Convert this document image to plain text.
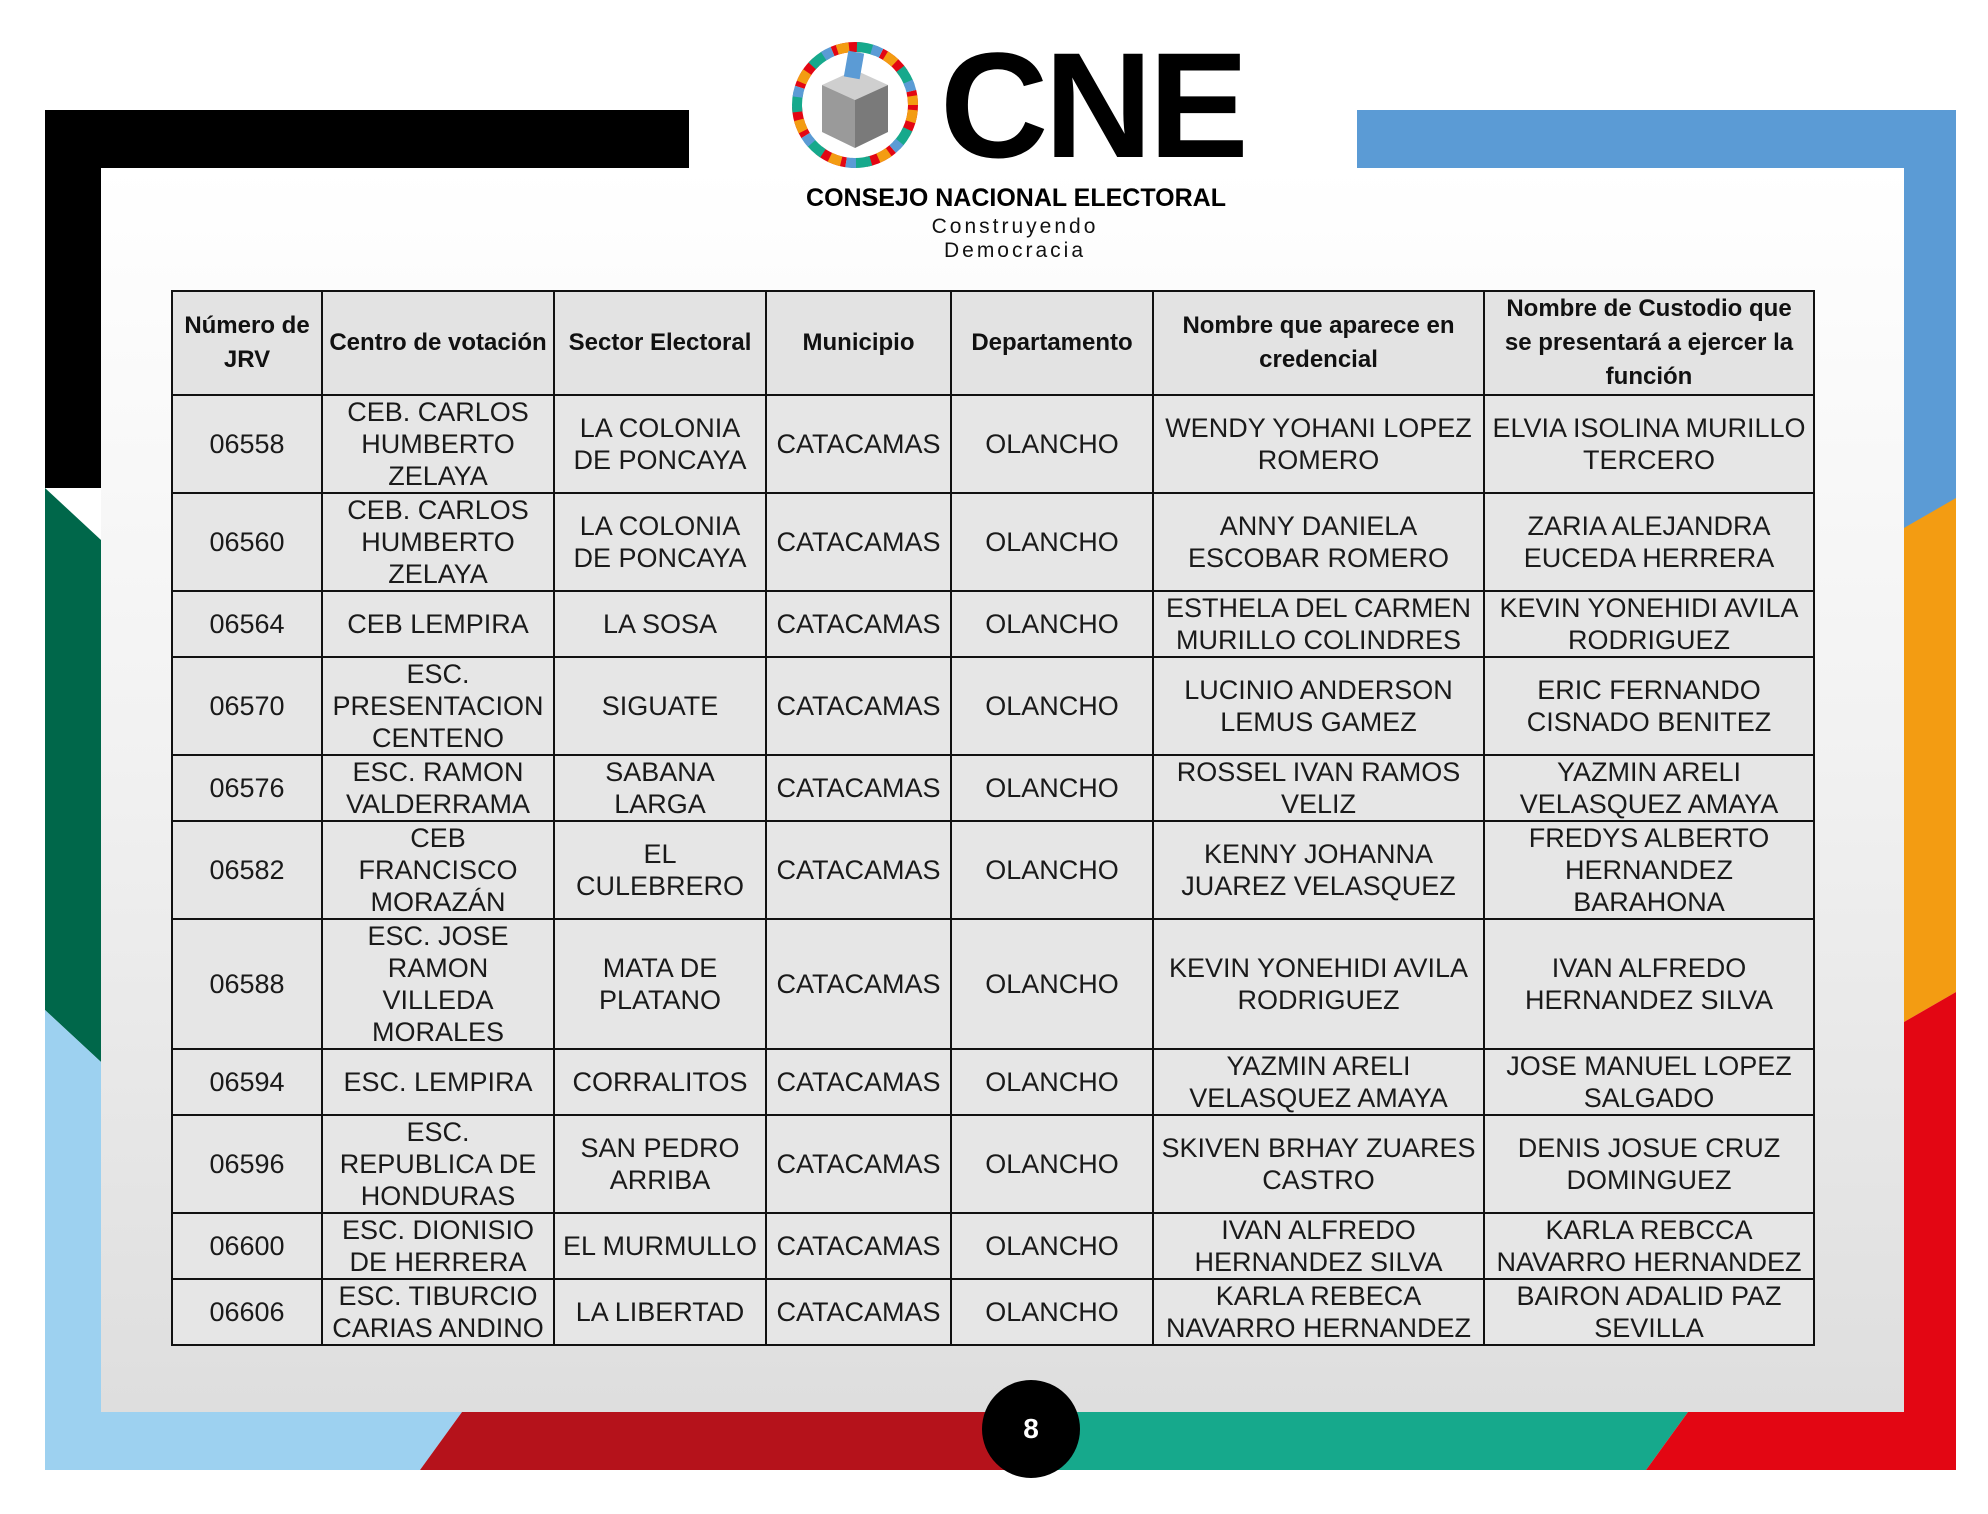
CNE
CONSEJO NACIONAL ELECTORAL
Construyendo Democracia
Número de JRV	Centro de votación	Sector Electoral	Municipio	Departamento	Nombre que aparece en credencial	Nombre de Custodio que se presentará a ejercer la función
06558	CEB. CARLOS HUMBERTO ZELAYA	LA COLONIA DE PONCAYA	CATACAMAS	OLANCHO	WENDY YOHANI LOPEZ ROMERO	ELVIA ISOLINA MURILLO TERCERO
06560	CEB. CARLOS HUMBERTO ZELAYA	LA COLONIA DE PONCAYA	CATACAMAS	OLANCHO	ANNY DANIELA ESCOBAR ROMERO	ZARIA ALEJANDRA EUCEDA HERRERA
06564	CEB LEMPIRA	LA SOSA	CATACAMAS	OLANCHO	ESTHELA DEL CARMEN MURILLO COLINDRES	KEVIN YONEHIDI AVILA RODRIGUEZ
06570	ESC. PRESENTACION CENTENO	SIGUATE	CATACAMAS	OLANCHO	LUCINIO ANDERSON LEMUS GAMEZ	ERIC FERNANDO CISNADO BENITEZ
06576	ESC. RAMON VALDERRAMA	SABANA LARGA	CATACAMAS	OLANCHO	ROSSEL IVAN RAMOS VELIZ	YAZMIN ARELI VELASQUEZ AMAYA
06582	CEB FRANCISCO MORAZÁN	EL CULEBRERO	CATACAMAS	OLANCHO	KENNY JOHANNA JUAREZ VELASQUEZ	FREDYS ALBERTO HERNANDEZ BARAHONA
06588	ESC. JOSE RAMON VILLEDA MORALES	MATA DE PLATANO	CATACAMAS	OLANCHO	KEVIN YONEHIDI AVILA RODRIGUEZ	IVAN ALFREDO HERNANDEZ SILVA
06594	ESC. LEMPIRA	CORRALITOS	CATACAMAS	OLANCHO	YAZMIN ARELI VELASQUEZ AMAYA	JOSE MANUEL LOPEZ SALGADO
06596	ESC. REPUBLICA DE HONDURAS	SAN PEDRO ARRIBA	CATACAMAS	OLANCHO	SKIVEN BRHAY ZUARES CASTRO	DENIS JOSUE CRUZ DOMINGUEZ
06600	ESC. DIONISIO DE HERRERA	EL MURMULLO	CATACAMAS	OLANCHO	IVAN ALFREDO HERNANDEZ SILVA	KARLA REBCCA NAVARRO HERNANDEZ
06606	ESC. TIBURCIO CARIAS ANDINO	LA LIBERTAD	CATACAMAS	OLANCHO	KARLA REBECA NAVARRO HERNANDEZ	BAIRON ADALID PAZ SEVILLA
8
